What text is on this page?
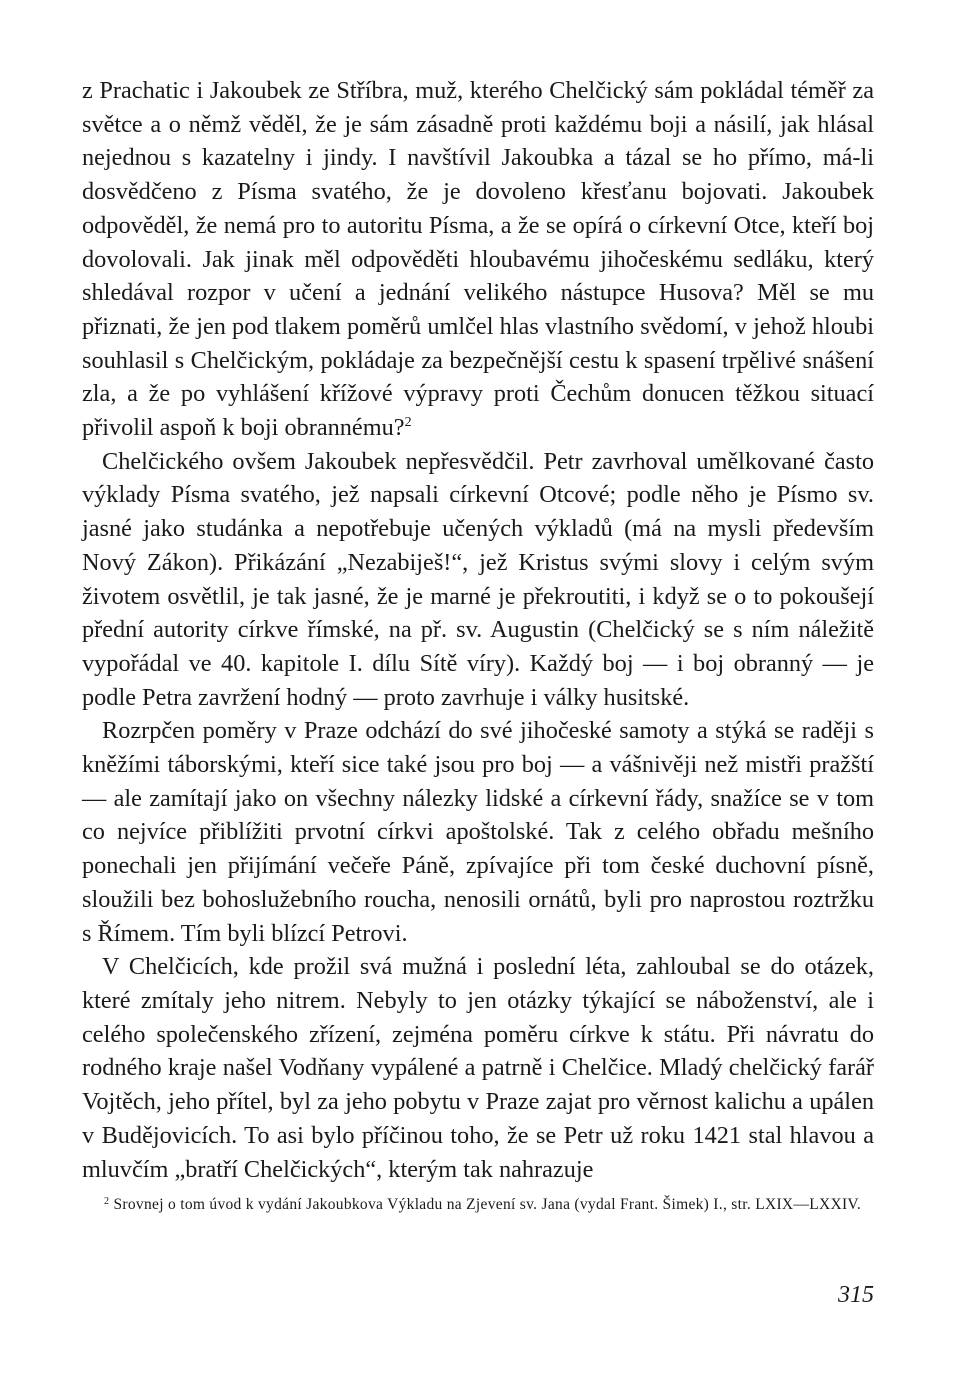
z Prachatic i Jakoubek ze Stříbra, muž, kterého Chelčický sám pokládal téměř za světce a o němž věděl, že je sám zásadně proti každému boji a násilí, jak hlásal nejednou s kazatelny i jindy. I navštívil Jakoubka a tázal se ho přímo, má-li dosvědčeno z Písma svatého, že je dovoleno křesťanu bojovati. Jakoubek odpověděl, že nemá pro to autoritu Písma, a že se opírá o církevní Otce, kteří boj dovolovali. Jak jinak měl odpověděti hloubavému jihočeskému sedláku, který shledával rozpor v učení a jednání velikého nástupce Husova? Měl se mu přiznati, že jen pod tlakem poměrů umlčel hlas vlastního svědomí, v jehož hloubi souhlasil s Chelčickým, pokládaje za bezpečnější cestu k spasení trpělivé snášení zla, a že po vyhlášení křížové výpravy proti Čechům donucen těžkou situací přivolil aspoň k boji obrannému?$^2$

Chelčického ovšem Jakoubek nepřesvědčil. Petr zavrhoval umělkované často výklady Písma svatého, jež napsali církevní Otcové; podle něho je Písmo sv. jasné jako studánka a nepotřebuje učených výkladů (má na mysli především Nový Zákon). Přikázání „Nezabiješ!“, jež Kristus svými slovy i celým svým životem osvětlil, je tak jasné, že je marné je překroutiti, i když se o to pokoušejí přední autority církve římské, na př. sv. Augustin (Chelčický se s ním náležitě vypořádal ve 40. kapitole I. dílu Sítě víry). Každý boj — i boj obranný — je podle Petra zavržení hodný — proto zavrhuje i války husitské.

Rozrpčen poměry v Praze odchází do své jihočeské samoty a stýká se raději s kněžími táborskými, kteří sice také jsou pro boj — a vášnivěji než mistři pražští — ale zamítají jako on všechny nálezky lidské a církevní řády, snažíce se v tom co nejvíce přiblížiti prvotní církvi apoštolské. Tak z celého obřadu mešního ponechali jen přijímání večeře Páně, zpívajíce při tom české duchovní písně, sloužili bez bohoslužebního roucha, nenosili ornátů, byli pro naprostou roztržku s Římem. Tím byli blízcí Petrovi.

V Chelčicích, kde prožil svá mužná i poslední léta, zahloubal se do otázek, které zmítaly jeho nitrem. Nebyly to jen otázky týkající se náboženství, ale i celého společenského zřízení, zejména poměru církve k státu. Při návratu do rodného kraje našel Vodňany vypálené a patrně i Chelčice. Mladý chelčický farář Vojtěch, jeho přítel, byl za jeho pobytu v Praze zajat pro věrnost kalichu a upálen v Budějovicích. To asi bylo příčinou toho, že se Petr už roku 1421 stal hlavou a mluvčím „bratří Chelčických“, kterým tak nahrazuje

$^2$ Srovnej o tom úvod k vydání Jakoubkova Výkladu na Zjevení sv. Jana (vydal Frant. Šimek) I., str. LXIX—LXXIV.

315
